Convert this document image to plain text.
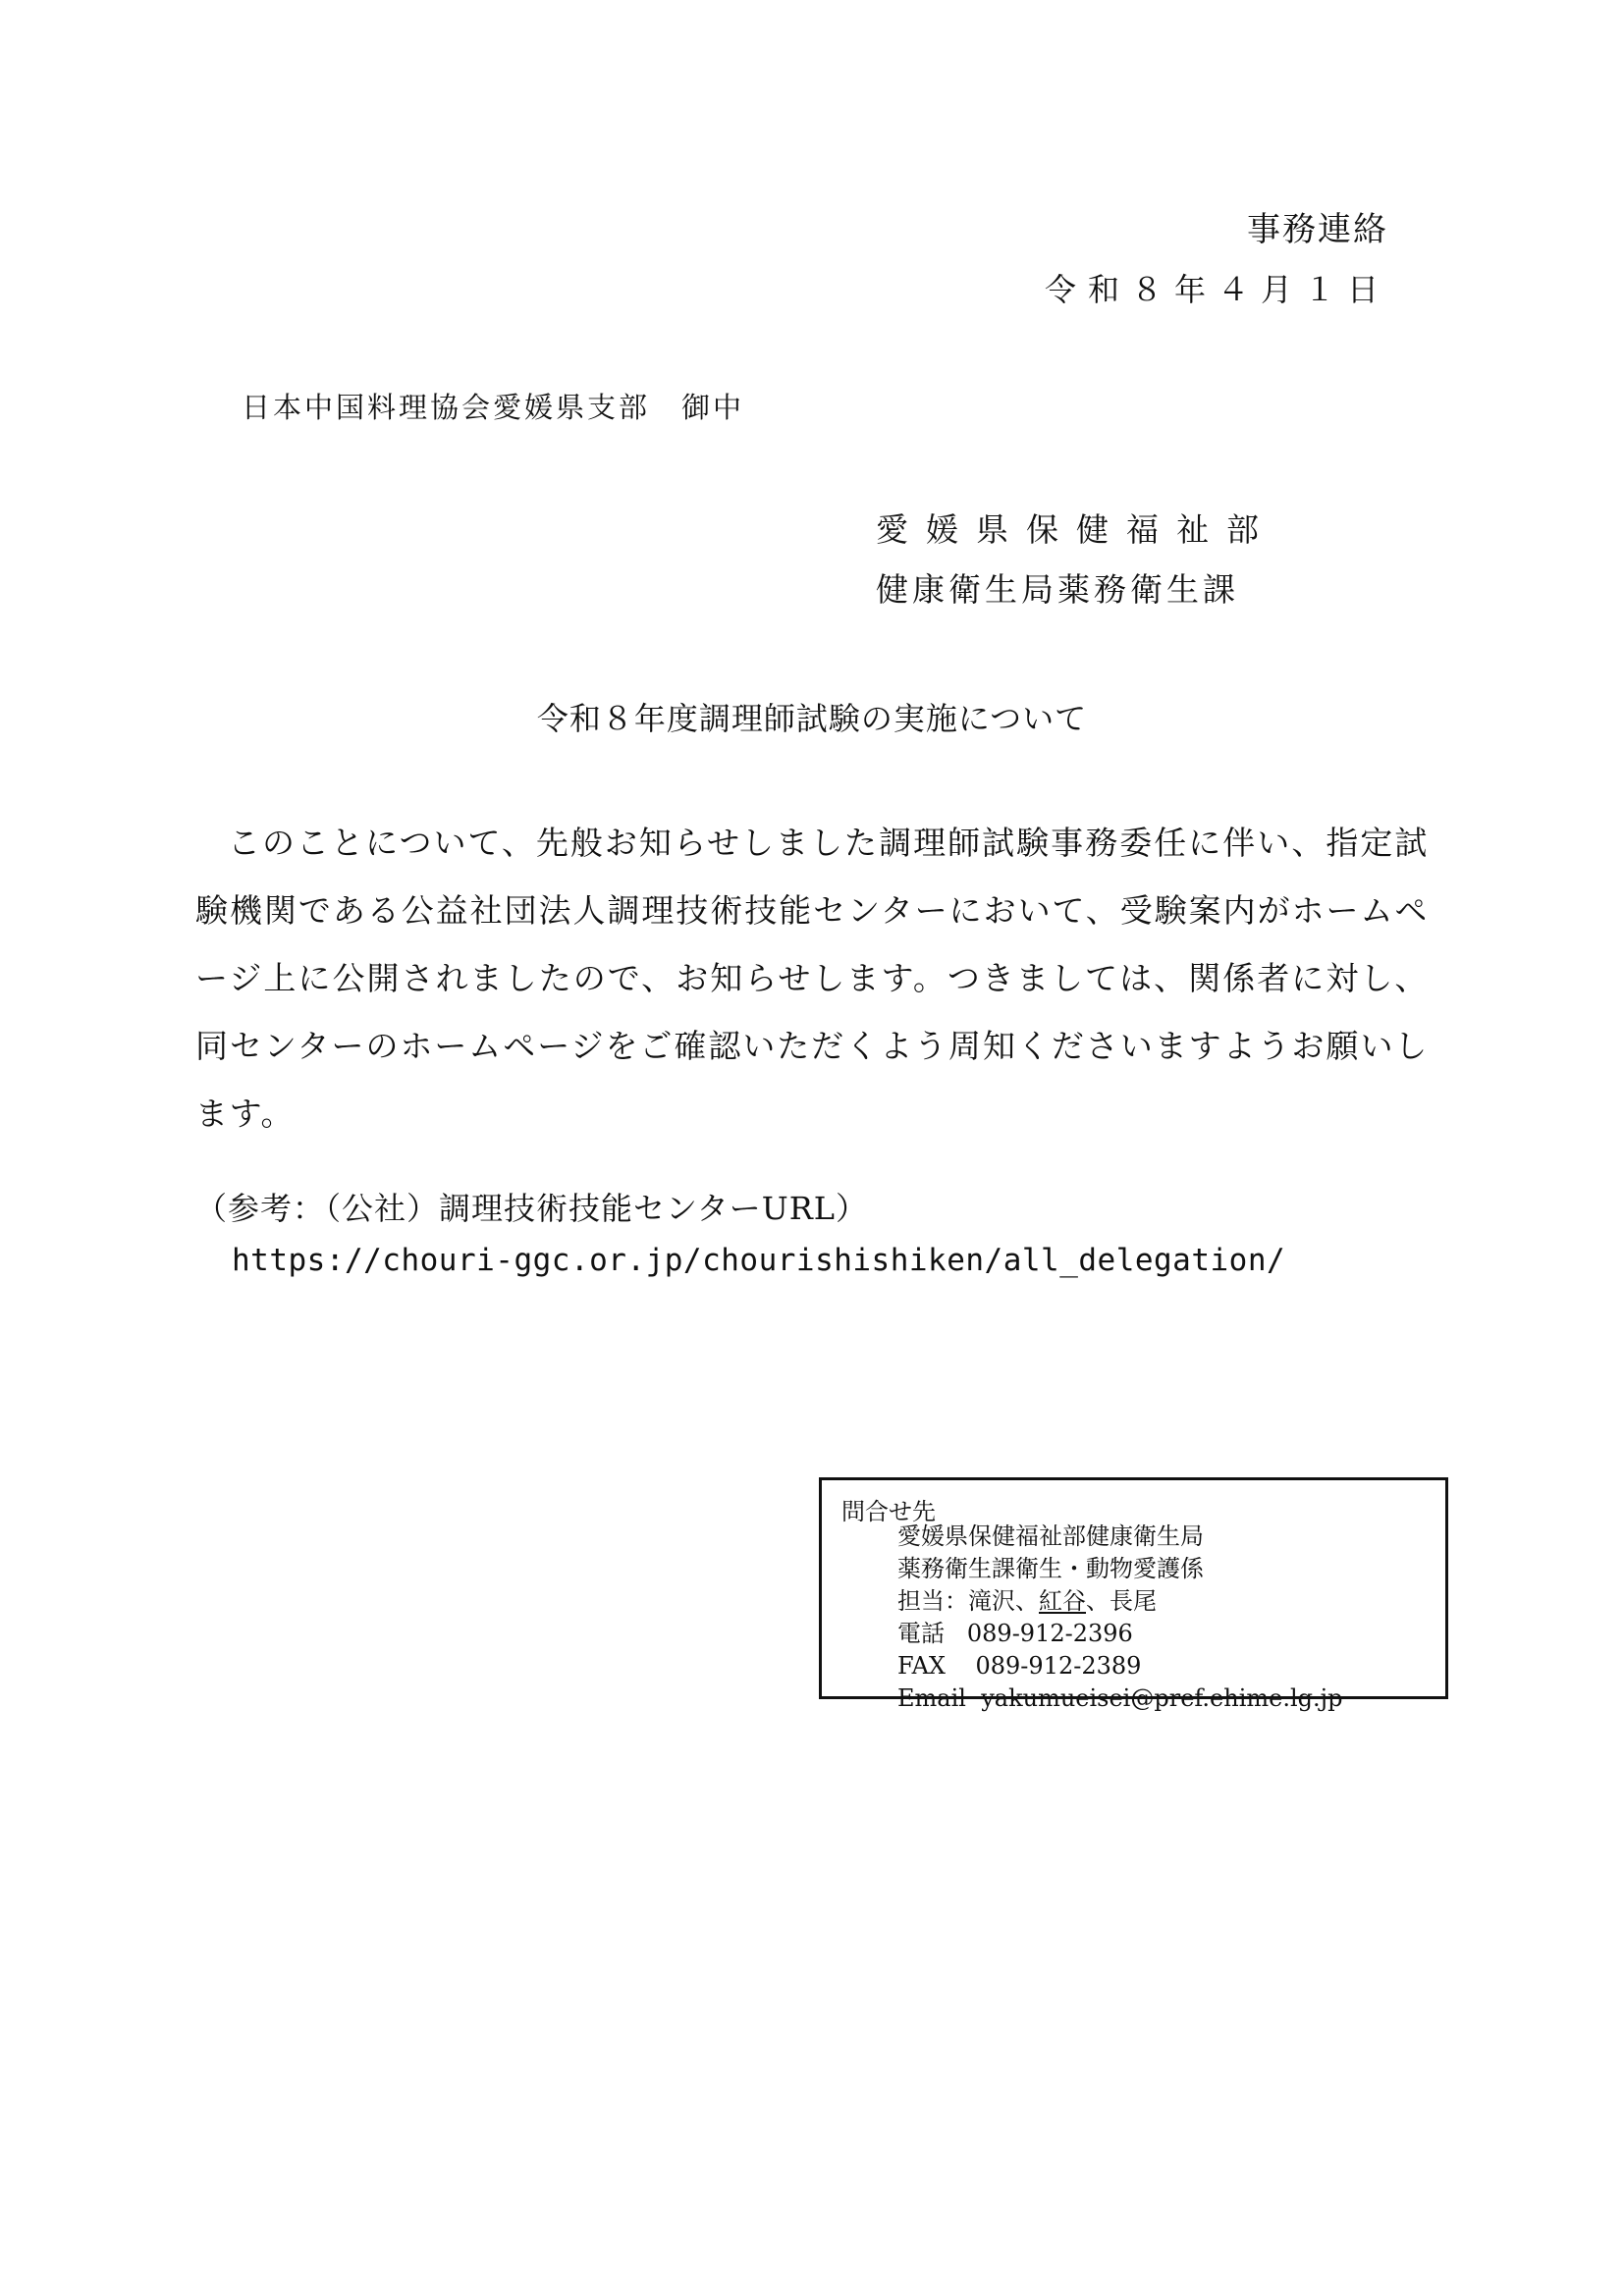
事務連絡
令和８年４月１日
日本中国料理協会愛媛県支部　御中
愛媛県保健福祉部
健康衛生局薬務衛生課
令和８年度調理師試験の実施について
このことについて、先般お知らせしました調理師試験事務委任に伴い、指定試験機関である公益社団法人調理技術技能センターにおいて、受験案内がホームページ上に公開されましたので、お知らせします。つきましては、関係者に対し、同センターのホームページをご確認いただくよう周知くださいますようお願いします。
（参考：（公社）調理技術技能センターURL）
https://chouri-ggc.or.jp/chourishishiken/all_delegation/
問合せ先
愛媛県保健福祉部健康衛生局
薬務衛生課衛生・動物愛護係
担当：滝沢、紅谷、長尾
電話 089-912-2396
FAX 089-912-2389
Email yakumueisei@pref.ehime.lg.jp
